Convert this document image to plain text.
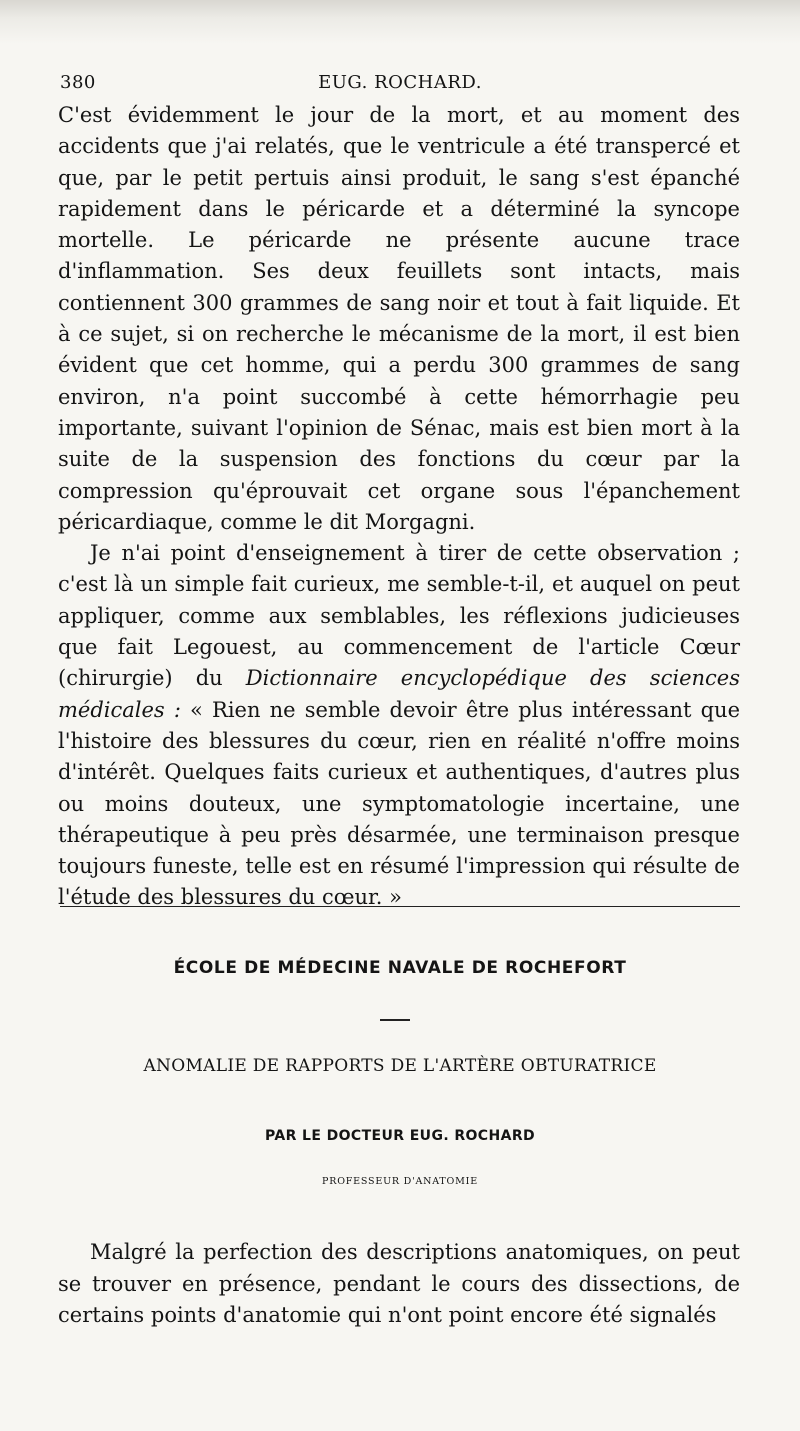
380	EUG. ROCHARD.

C'est évidemment le jour de la mort, et au moment des accidents que j'ai relatés, que le ventricule a été transpercé et que, par le petit pertuis ainsi produit, le sang s'est épanché rapidement dans le péricarde et a déterminé la syncope mortelle. Le péricarde ne présente aucune trace d'inflammation. Ses deux feuillets sont intacts, mais contiennent 300 grammes de sang noir et tout à fait liquide. Et à ce sujet, si on recherche le mécanisme de la mort, il est bien évident que cet homme, qui a perdu 300 grammes de sang environ, n'a point succombé à cette hémorrhagie peu importante, suivant l'opinion de Sénac, mais est bien mort à la suite de la suspension des fonctions du cœur par la compression qu'éprouvait cet organe sous l'épanchement péricardiaque, comme le dit Morgagni.

Je n'ai point d'enseignement à tirer de cette observation ; c'est là un simple fait curieux, me semble-t-il, et auquel on peut appliquer, comme aux semblables, les réflexions judicieuses que fait Legouest, au commencement de l'article Cœur (chirurgie) du Dictionnaire encyclopédique des sciences médicales : « Rien ne semble devoir être plus intéressant que l'histoire des blessures du cœur, rien en réalité n'offre moins d'intérêt. Quelques faits curieux et authentiques, d'autres plus ou moins douteux, une symptomatologie incertaine, une thérapeutique à peu près désarmée, une terminaison presque toujours funeste, telle est en résumé l'impression qui résulte de l'étude des blessures du cœur. »

ÉCOLE DE MÉDECINE NAVALE DE ROCHEFORT
ANOMALIE DE RAPPORTS DE L'ARTÈRE OBTURATRICE
PAR LE DOCTEUR EUG. ROCHARD
PROFESSEUR D'ANATOMIE

Malgré la perfection des descriptions anatomiques, on peut se trouver en présence, pendant le cours des dissections, de certains points d'anatomie qui n'ont point encore été signalés
